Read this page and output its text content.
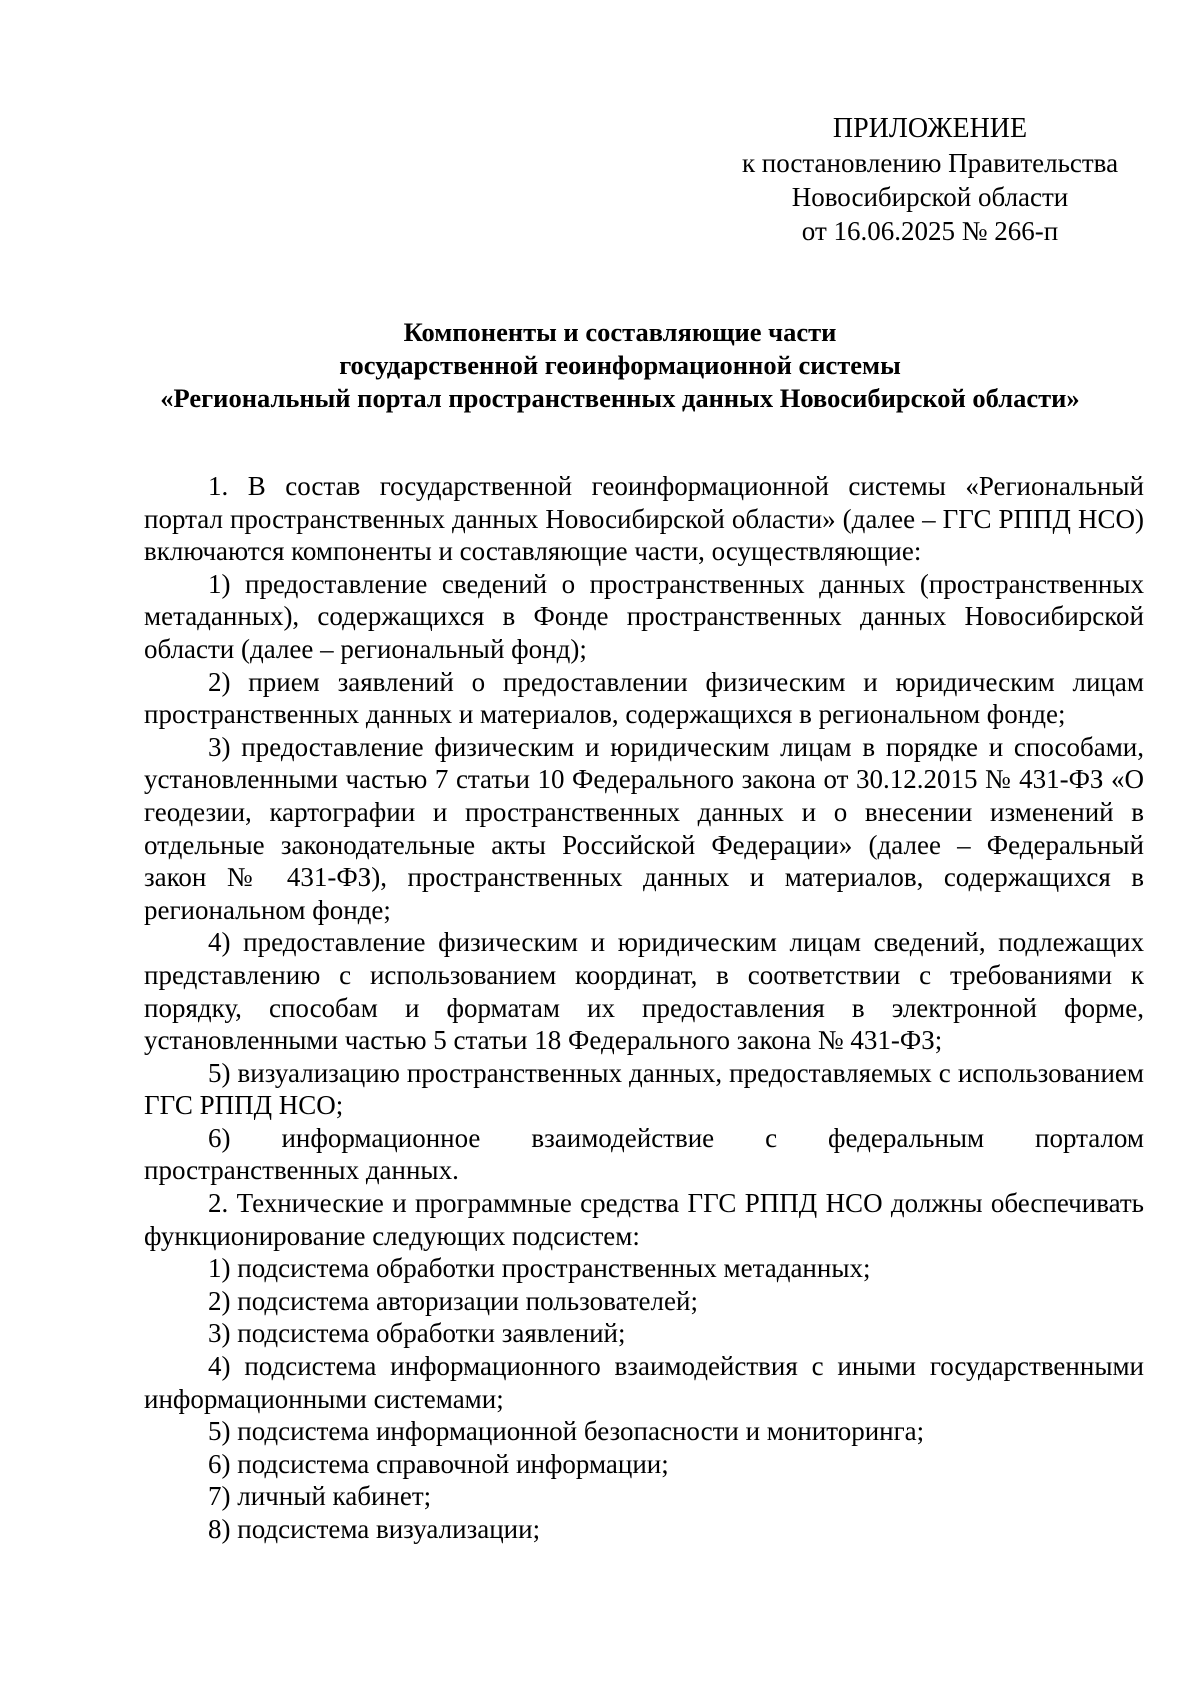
ПРИЛОЖЕНИЕ
к постановлению Правительства
Новосибирской области
от 16.06.2025 № 266-п
Компоненты и составляющие части
государственной геоинформационной системы
«Региональный портал пространственных данных Новосибирской области»

1. В состав государственной геоинформационной системы «Региональный портал пространственных данных Новосибирской области» (далее – ГГС РППД НСО) включаются компоненты и составляющие части, осуществляющие:

1) предоставление сведений о пространственных данных (пространственных метаданных), содержащихся в Фонде пространственных данных Новосибирской области (далее – региональный фонд);

2) прием заявлений о предоставлении физическим и юридическим лицам пространственных данных и материалов, содержащихся в региональном фонде;

3) предоставление физическим и юридическим лицам в порядке и способами, установленными частью 7 статьи 10 Федерального закона от 30.12.2015 № 431-ФЗ «О геодезии, картографии и пространственных данных и о внесении изменений в отдельные законодательные акты Российской Федерации» (далее – Федеральный закон № 431-ФЗ), пространственных данных и материалов, содержащихся в региональном фонде;

4) предоставление физическим и юридическим лицам сведений, подлежащих представлению с использованием координат, в соответствии с требованиями к порядку, способам и форматам их предоставления в электронной форме, установленными частью 5 статьи 18 Федерального закона № 431-ФЗ;

5) визуализацию пространственных данных, предоставляемых с использованием ГГС РППД НСО;

6) информационное взаимодействие с федеральным порталом пространственных данных.

2. Технические и программные средства ГГС РППД НСО должны обеспечивать функционирование следующих подсистем:

1) подсистема обработки пространственных метаданных;

2) подсистема авторизации пользователей;

3) подсистема обработки заявлений;

4) подсистема информационного взаимодействия с иными государственными информационными системами;

5) подсистема информационной безопасности и мониторинга;

6) подсистема справочной информации;

7) личный кабинет;

8) подсистема визуализации;
